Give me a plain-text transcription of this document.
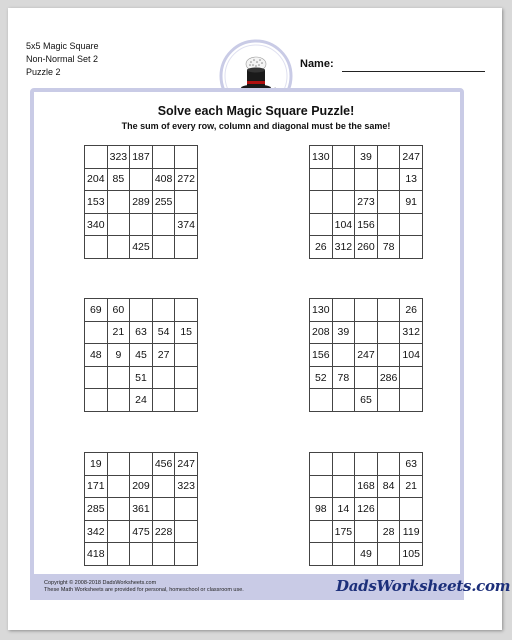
5x5 Magic Square
Non-Normal Set 2
Puzzle 2
Name:
Solve each Magic Square Puzzle!
The sum of every row, column and diagonal must be the same!
	323	187		
204	85		408	272
153		289	255	
340				374
		425		
130		39		247
				13
		273		91
	104	156		
26	312	260	78	
69	60			
	21	63	54	15
48	9	45	27	
		51		
		24		
130				26
208	39			312
156		247		104
52	78		286	
		65		
19			456	247
171		209		323
285		361		
342		475	228	
418				
				63
		168	84	21
98	14	126		
	175		28	119
		49		105
Copyright © 2008-2018 DadsWorksheets.com
These Math Worksheets are provided for personal, homeschool or classroom use.	DadsWorksheets.com
